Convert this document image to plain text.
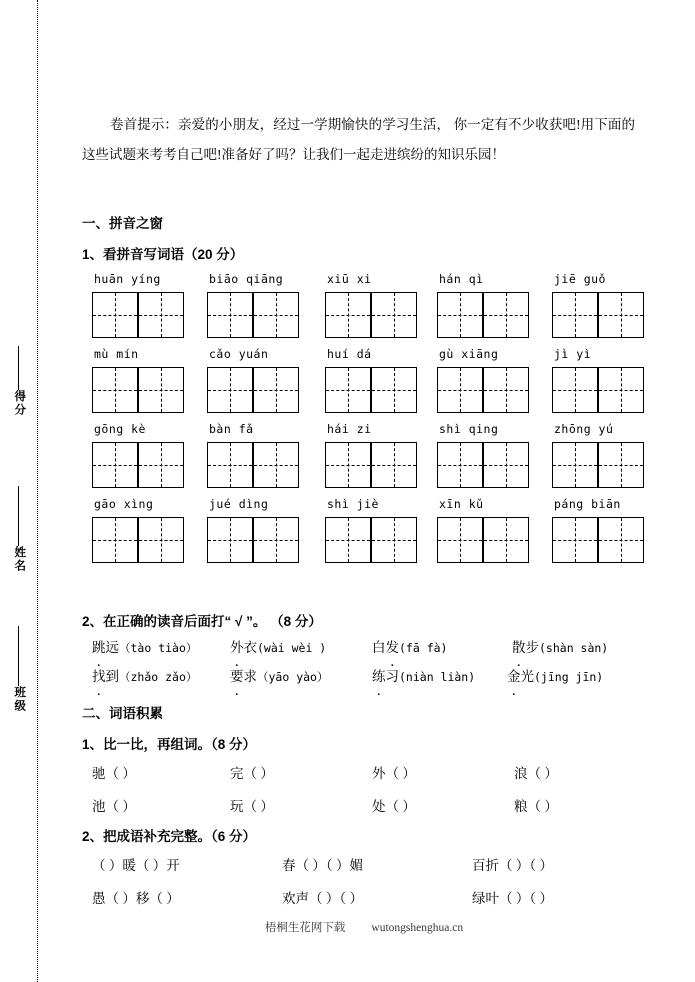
得分
姓名
班级
卷首提示：亲爱的小朋友，经过一学期愉快的学习生活， 你一定有不少收获吧!用下面的这些试题来考考自己吧!准备好了吗？让我们一起走进缤纷的知识乐园！
一、拼音之窗
1、看拼音写词语（20 分）
huān yíng	biāo qiāng	xiū xi	hán qì	jiē guǒ
mù mín	cǎo yuán	huí dá	gù xiāng	jì yì
gōng kè	bàn fǎ	hái zi	shì qing	zhōng yú
gāo xìng	jué dìng	shì jiè	xīn kǔ	páng biān
2、在正确的读音后面打“ √ ”。 （8 分）
跳远（tào tiào） 外衣(wài wèi )	白发(fā fà)	散步(shàn sàn)
找到（zhǎo zǎo） 要求（yāo yào）	练习(niàn liàn) 金光(jīng jīn)
二、词语积累
1、比一比，再组词。（8 分）
驰（ ）	完（ ）	外（ ）	浪（ ）
池（ ）	玩（ ）	处（ ）	粮（ ）
2、把成语补充完整。（6 分）
（ ）暖（ ）开	春（ ）（ ）媚	百折（ ）（ ）
愚（ ）移（ ）	欢声（ ）（ ）	绿叶（ ）（ ）
梧桐生花网下载 wutongshenghua.cn
